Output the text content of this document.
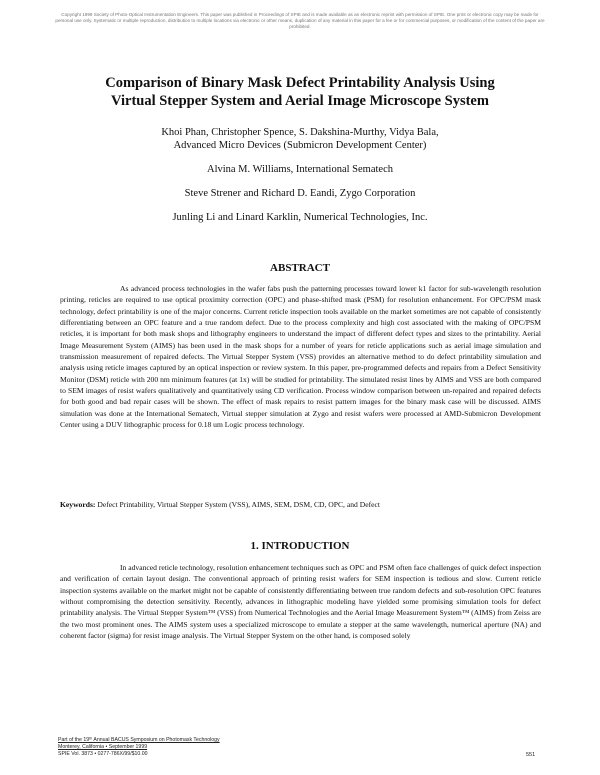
Copyright 1999 Society of Photo-Optical Instrumentation Engineers. This paper was published in Proceedings of SPIE and is made available as an electronic reprint with permission of SPIE. One print or electronic copy may be made for personal use only. Systematic or multiple reproduction, distribution to multiple locations via electronic or other means, duplication of any material in this paper for a fee or for commercial purposes, or modification of the content of the paper are prohibited.
Comparison of Binary Mask Defect Printability Analysis Using
Virtual Stepper System and Aerial Image Microscope System
Khoi Phan, Christopher Spence, S. Dakshina-Murthy, Vidya Bala,
Advanced Micro Devices (Submicron Development Center)
Alvina M. Williams, International Sematech
Steve Strener and Richard D. Eandi, Zygo Corporation
Junling Li and Linard Karklin, Numerical Technologies, Inc.
ABSTRACT

As advanced process technologies in the wafer fabs push the patterning processes toward lower k1 factor for sub-wavelength resolution printing, reticles are required to use optical proximity correction (OPC) and phase-shifted mask (PSM) for resolution enhancement. For OPC/PSM mask technology, defect printability is one of the major concerns. Current reticle inspection tools available on the market sometimes are not capable of consistently differentiating between an OPC feature and a true random defect. Due to the process complexity and high cost associated with the making of OPC/PSM reticles, it is important for both mask shops and lithography engineers to understand the impact of different defect types and sizes to the printability. Aerial Image Measurement System (AIMS) has been used in the mask shops for a number of years for reticle applications such as aerial image simulation and transmission measurement of repaired defects. The Virtual Stepper System (VSS) provides an alternative method to do defect printability simulation and analysis using reticle images captured by an optical inspection or review system. In this paper, pre-programmed defects and repairs from a Defect Sensitivity Monitor (DSM) reticle with 200 nm minimum features (at 1x) will be studied for printability. The simulated resist lines by AIMS and VSS are both compared to SEM images of resist wafers qualitatively and quantitatively using CD verification. Process window comparison between un-repaired and repaired defects for both good and bad repair cases will be shown. The effect of mask repairs to resist pattern images for the binary mask case will be discussed. AIMS simulation was done at the International Sematech, Virtual stepper simulation at Zygo and resist wafers were processed at AMD-Submicron Development Center using a DUV lithographic process for 0.18 um Logic process technology.

Keywords: Defect Printability, Virtual Stepper System (VSS), AIMS, SEM, DSM, CD, OPC, and Defect

1. INTRODUCTION

In advanced reticle technology, resolution enhancement techniques such as OPC and PSM often face challenges of quick defect inspection and verification of certain layout design. The conventional approach of printing resist wafers for SEM inspection is tedious and slow. Current reticle inspection systems available on the market might not be capable of consistently differentiating between true random defects and sub-resolution OPC features without compromising the detection sensitivity. Recently, advances in lithographic modeling have yielded some promising simulation tools for defect printability analysis. The Virtual Stepper System™ (VSS) from Numerical Technologies and the Aerial Image Measurement System™ (AIMS) from Zeiss are the two most prominent ones. The AIMS system uses a specialized microscope to emulate a stepper at the same wavelength, numerical aperture (NA) and coherent factor (sigma) for resist image analysis. The Virtual Stepper System on the other hand, is composed solely

Part of the 19ᵗʰ Annual BACUS Symposium on Photomask Technology
Monterey, California • September 1999
SPIE Vol. 3873 • 0277-786X/99/$10.00	551
